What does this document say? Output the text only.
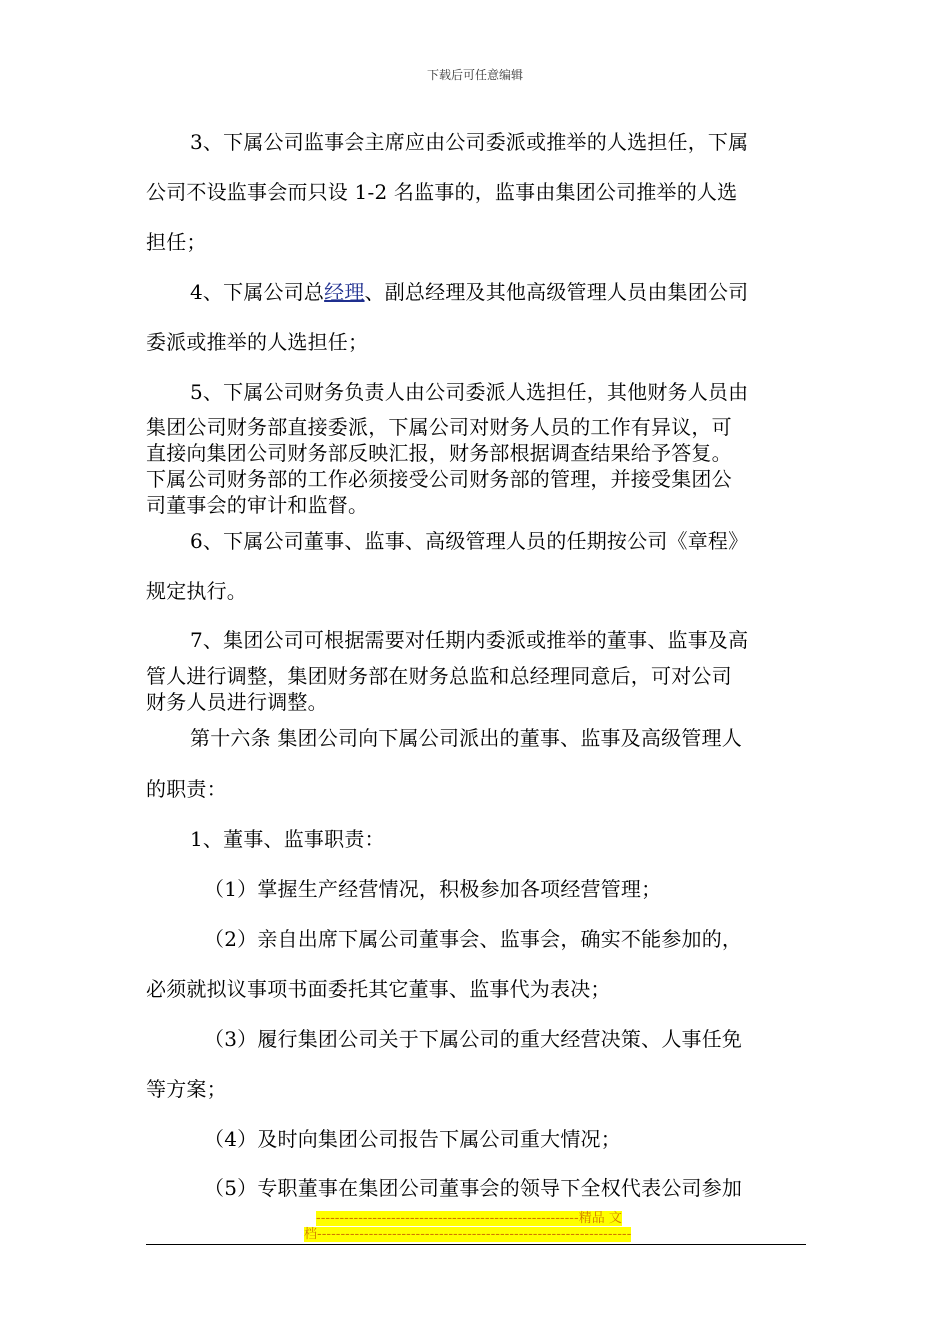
下载后可任意编辑
3、下属公司监事会主席应由公司委派或推举的人选担任，下属
公司不设监事会而只设 1-2 名监事的，监事由集团公司推举的人选
担任；
4、下属公司总经理、副总经理及其他高级管理人员由集团公司
委派或推举的人选担任；
5、下属公司财务负责人由公司委派人选担任，其他财务人员由
集团公司财务部直接委派，下属公司对财务人员的工作有异议，可
直接向集团公司财务部反映汇报，财务部根据调查结果给予答复。
下属公司财务部的工作必须接受公司财务部的管理，并接受集团公
司董事会的审计和监督。
6、下属公司董事、监事、高级管理人员的任期按公司《章程》
规定执行。
7、集团公司可根据需要对任期内委派或推举的董事、监事及高
管人进行调整，集团财务部在财务总监和总经理同意后，可对公司
财务人员进行调整。
第十六条 集团公司向下属公司派出的董事、监事及高级管理人
的职责：
1、董事、监事职责：
（1）掌握生产经营情况，积极参加各项经营管理；
（2）亲自出席下属公司董事会、监事会，确实不能参加的，
必须就拟议事项书面委托其它董事、监事代为表决；
（3）履行集团公司关于下属公司的重大经营决策、人事任免
等方案；
（4）及时向集团公司报告下属公司重大情况；
（5）专职董事在集团公司董事会的领导下全权代表公司参加
--------------------------------------------------------精品 文
档-------------------------------------------------------------------
